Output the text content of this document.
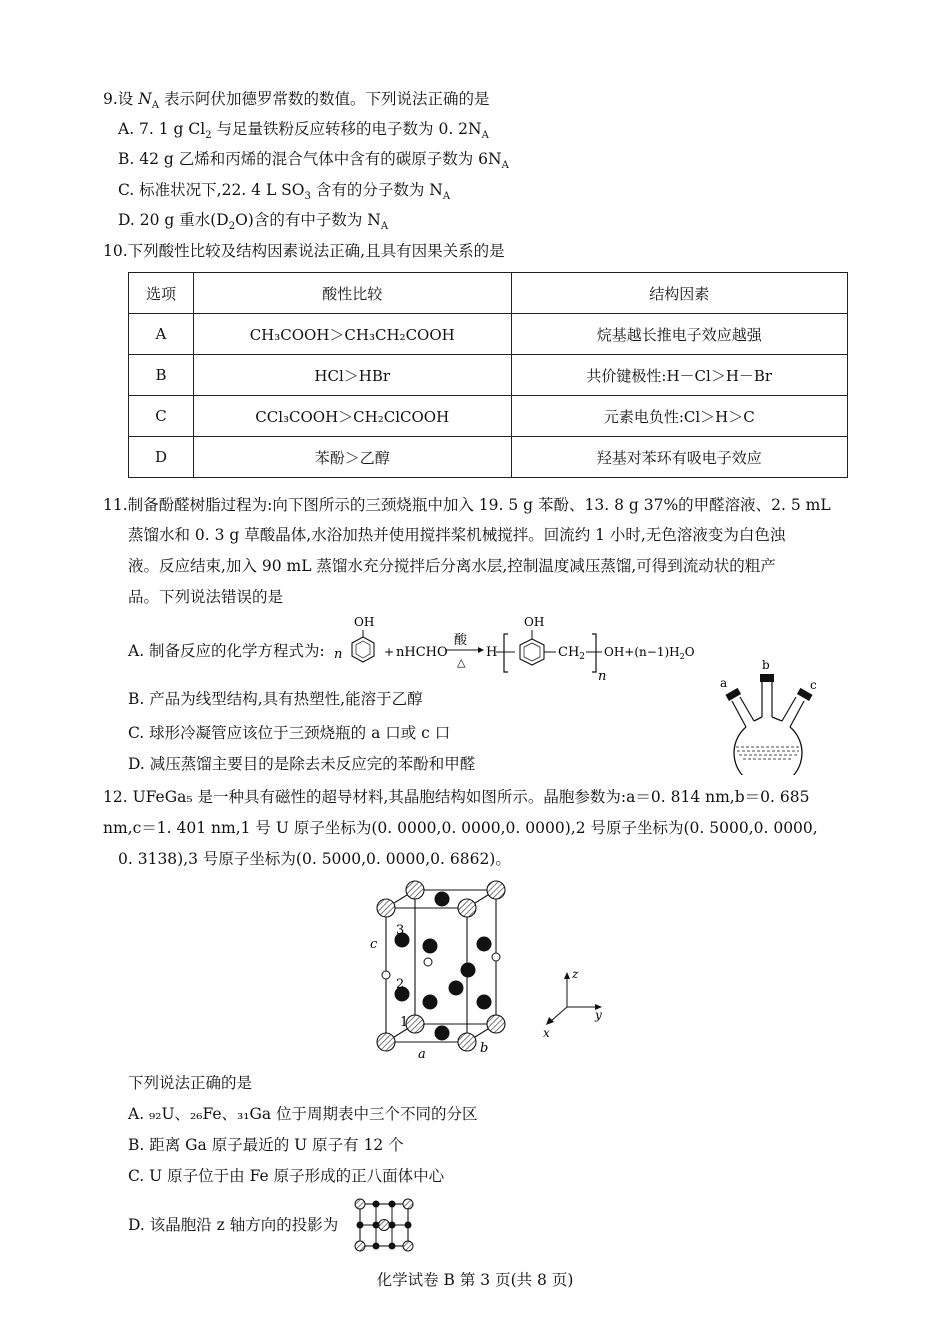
9.设 $N_A$ 表示阿伏加德罗常数的数值。下列说法正确的是
A. 7. 1 g $Cl_2$ 与足量铁粉反应转移的电子数为 0. $2N_A$
B. 42 g 乙烯和丙烯的混合气体中含有的碳原子数为 $6N_A$
C. 标准状况下,22. 4 L $SO_3$ 含有的分子数为 $N_A$
D. 20 g 重水$(D_2O)$含的有中子数为 $N_A$
10.下列酸性比较及结构因素说法正确,且具有因果关系的是
选项	酸性比较	结构因素
A	CH₃COOH＞CH₃CH₂COOH	烷基越长推电子效应越强
B	HCl＞HBr	共价键极性:H－Cl＞H－Br
C	CCl₃COOH＞CH₂ClCOOH	元素电负性:Cl＞H＞C
D	苯酚＞乙醇	羟基对苯环有吸电子效应
11.制备酚醛树脂过程为:向下图所示的三颈烧瓶中加入 19. 5 g 苯酚、13. 8 g 37%的甲醛溶液、2. 5 mL
蒸馏水和 0. 3 g 草酸晶体,水浴加热并使用搅拌桨机械搅拌。回流约 1 小时,无色溶液变为白色浊
液。反应结束,加入 90 mL 蒸馏水充分搅拌后分离水层,控制温度减压蒸馏,可得到流动状的粗产
品。下列说法错误的是
A. 制备反应的化学方程式为: n
OH
+ nHCHO
酸
△
H
OH
$CH_2$
n
$OH+(n-1)H_2O$
a
b
c
B. 产品为线型结构,具有热塑性,能溶于乙醇
C. 球形冷凝管应该位于三颈烧瓶的 a 口或 c 口
D. 减压蒸馏主要目的是除去未反应完的苯酚和甲醛
12. UFeGa₅ 是一种具有磁性的超导材料,其晶胞结构如图所示。晶胞参数为:a＝0. 814 nm,b＝0. 685
nm,c＝1. 401 nm,1 号 U 原子坐标为(0. 0000,0. 0000,0. 0000),2 号原子坐标为(0. 5000,0. 0000,
0. 3138),3 号原子坐标为(0. 5000,0. 0000,0. 6862)。
3
2
1
c
a	b
z
y
x
下列说法正确的是
A. ₉₂U、₂₆Fe、₃₁Ga 位于周期表中三个不同的分区
B. 距离 Ga 原子最近的 U 原子有 12 个
C. U 原子位于由 Fe 原子形成的正八面体中心
D. 该晶胞沿 z 轴方向的投影为
化学试卷 B 第 3 页(共 8 页)
